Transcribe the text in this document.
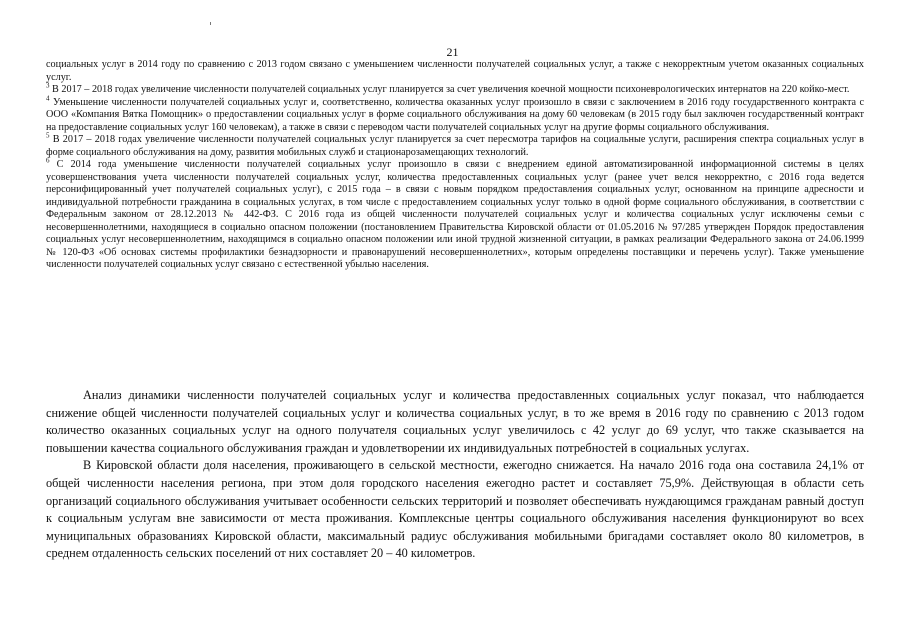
21

социальных услуг в 2014 году по сравнению с 2013 годом связано с уменьшением численности получателей социальных услуг, а также с некорректным учетом оказанных социальных услуг.

$^3$ В 2017 – 2018 годах увеличение численности получателей социальных услуг планируется за счет увеличения коечной мощности психоневрологических интернатов на 220 койко-мест.

$^4$ Уменьшение численности получателей социальных услуг и, соответственно, количества оказанных услуг произошло в связи с заключением в 2016 году государственного контракта с ООО «Компания Вятка Помощник» о предоставлении социальных услуг в форме социального обслуживания на дому 60 человекам (в 2015 году был заключен государственный контракт на предоставление социальных услуг 160 человекам), а также в связи с переводом части получателей социальных услуг на другие формы социального обслуживания.

$^5$ В 2017 – 2018 годах увеличение численности получателей социальных услуг планируется за счет пересмотра тарифов на социальные услуги, расширения спектра социальных услуг в форме социального обслуживания на дому, развития мобильных служб и стационарозамещающих технологий.

$^6$ С 2014 года уменьшение численности получателей социальных услуг произошло в связи с внедрением единой автоматизированной информационной системы в целях усовершенствования учета численности получателей социальных услуг, количества предоставленных социальных услуг (ранее учет велся некорректно, с 2016 года ведется персонифицированный учет получателей социальных услуг), с 2015 года – в связи с новым порядком предоставления социальных услуг, основанном на принципе адресности и индивидуальной потребности гражданина в социальных услугах, в том числе с предоставлением социальных услуг только в одной форме социального обслуживания, в соответствии с Федеральным законом от 28.12.2013 № 442-ФЗ. С 2016 года из общей численности получателей социальных услуг и количества социальных услуг исключены семьи с несовершеннолетними, находящиеся в социально опасном положении (постановлением Правительства Кировской области от 01.05.2016 № 97/285 утвержден Порядок предоставления социальных услуг несовершеннолетним, находящимся в социально опасном положении или иной трудной жизненной ситуации, в рамках реализации Федерального закона от 24.06.1999 № 120-ФЗ «Об основах системы профилактики безнадзорности и правонарушений несовершеннолетних», которым определены поставщики и перечень услуг). Также уменьшение численности получателей социальных услуг связано с естественной убылью населения.

Анализ динамики численности получателей социальных услуг и количества предоставленных социальных услуг показал, что наблюдается снижение общей численности получателей социальных услуг и количества социальных услуг, в то же время в 2016 году по сравнению с 2013 годом количество оказанных социальных услуг на одного получателя социальных услуг увеличилось с 42 услуг до 69 услуг, что также сказывается на повышении качества социального обслуживания граждан и удовлетворении их индивидуальных потребностей в социальных услугах.

В Кировской области доля населения, проживающего в сельской местности, ежегодно снижается. На начало 2016 года она составила 24,1% от общей численности населения региона, при этом доля городского населения ежегодно растет и составляет 75,9%. Действующая в области сеть организаций социального обслуживания учитывает особенности сельских территорий и позволяет обеспечивать нуждающимся гражданам равный доступ к социальным услугам вне зависимости от места проживания. Комплексные центры социального обслуживания населения функционируют во всех муниципальных образованиях Кировской области, максимальный радиус обслуживания мобильными бригадами составляет около 80 километров, в среднем отдаленность сельских поселений от них составляет 20 – 40 километров.
